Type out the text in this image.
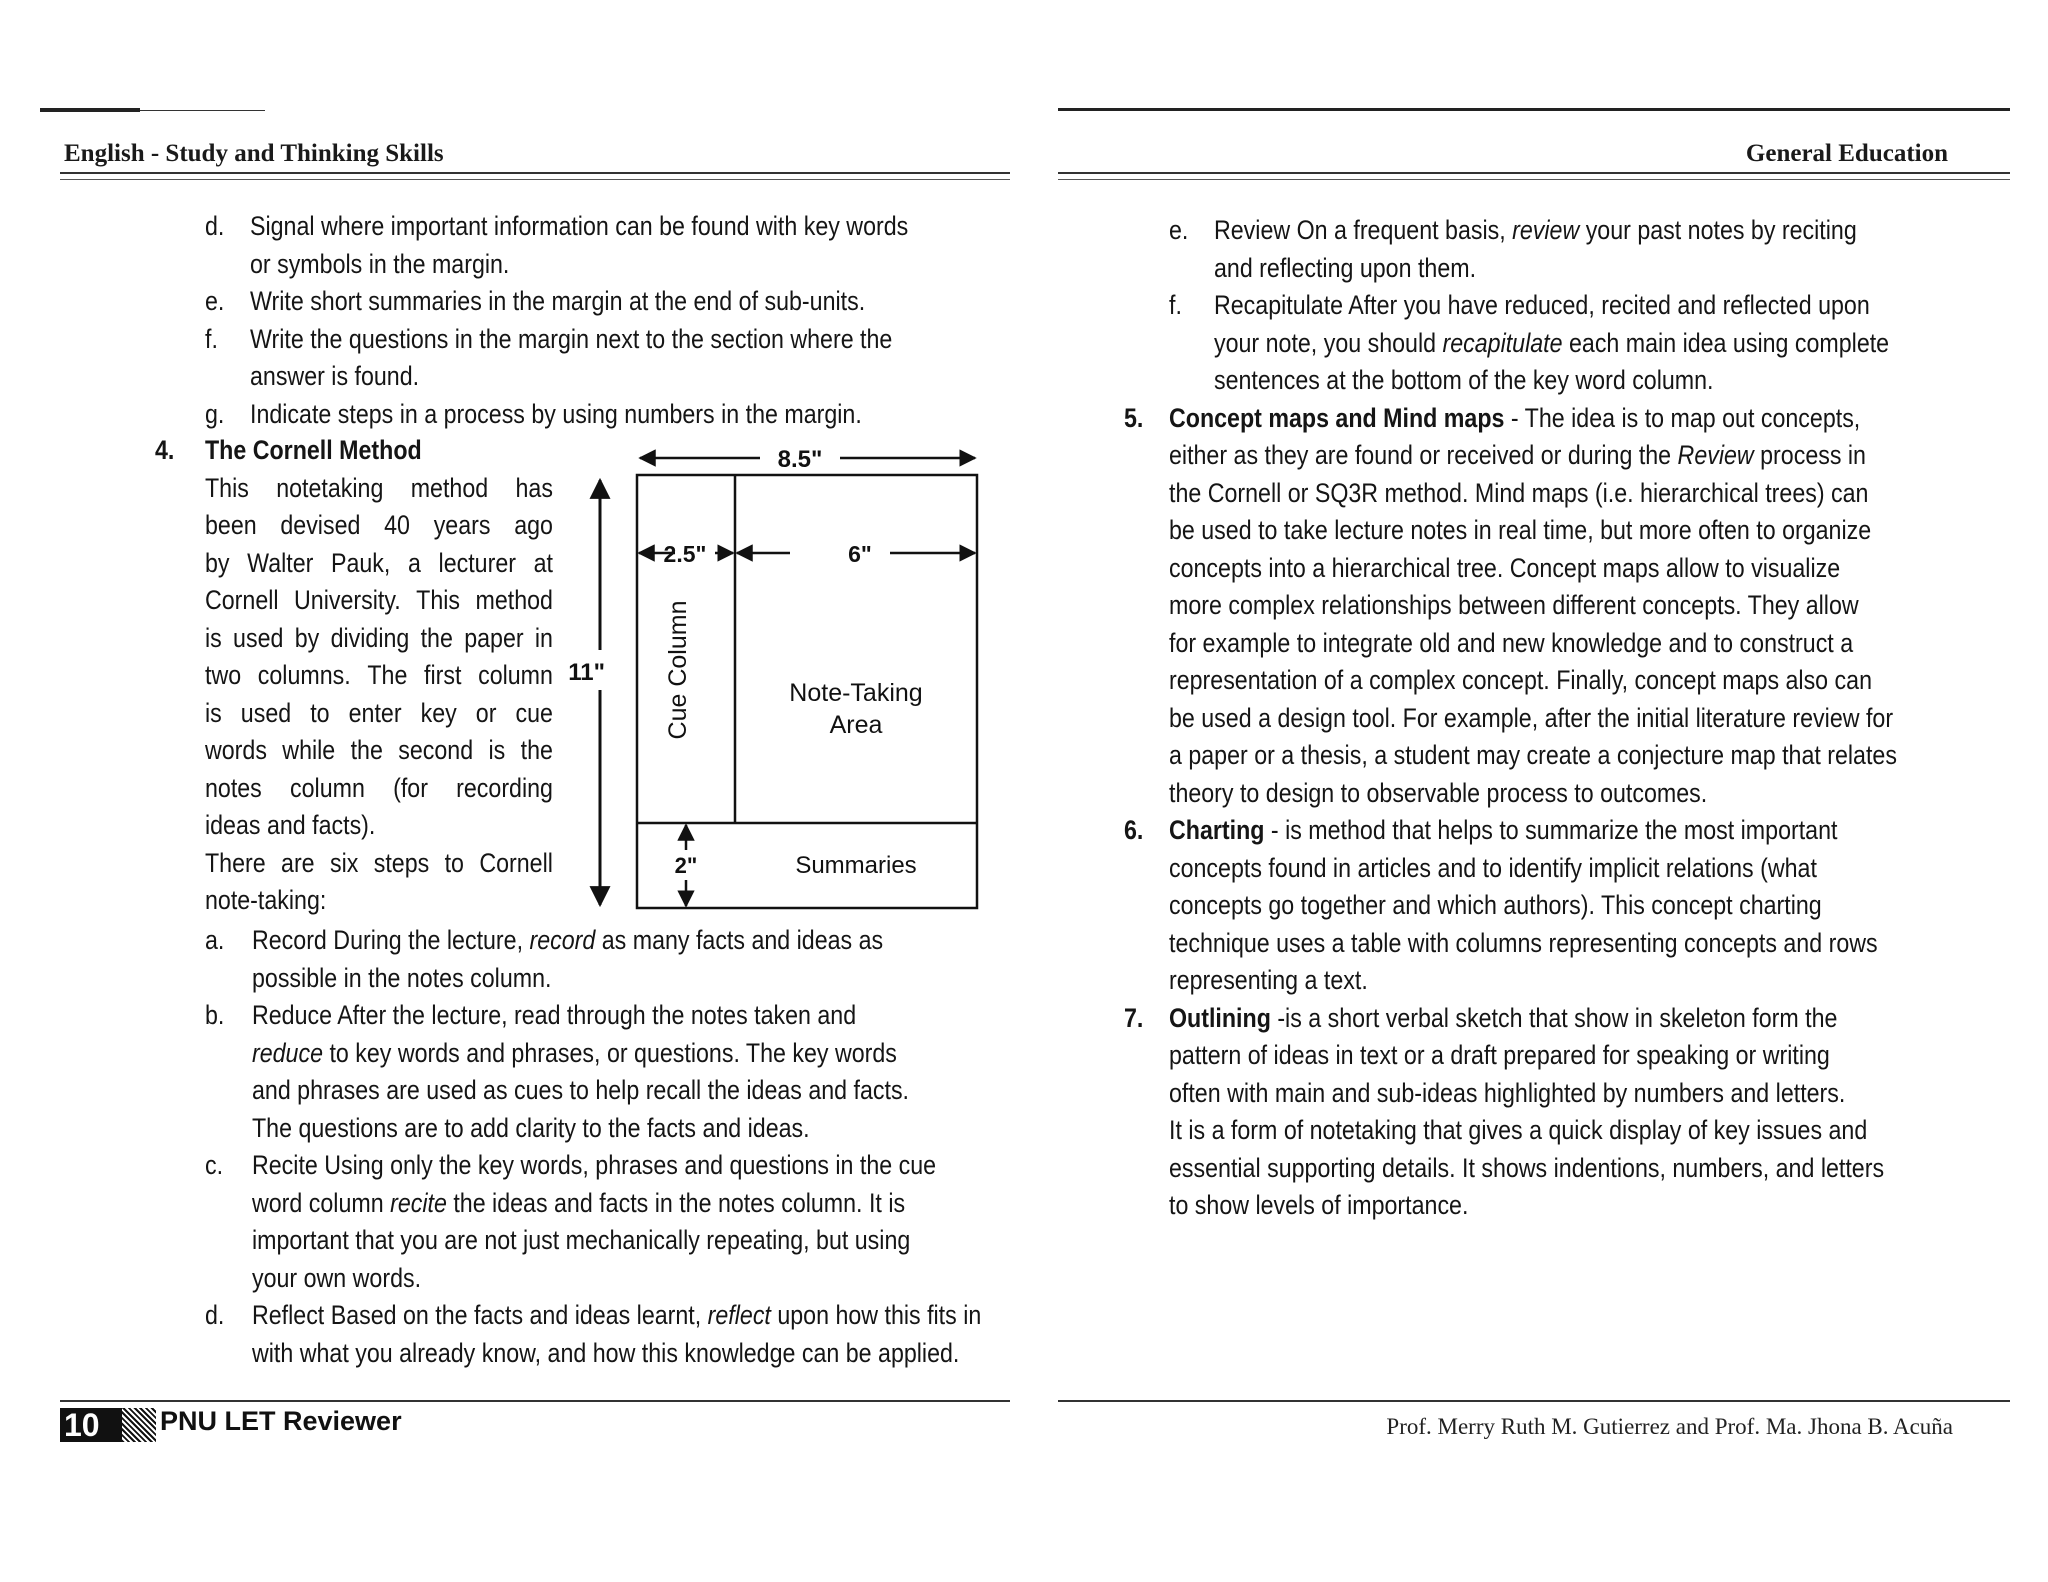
English - Study and Thinking Skills
d. Signal where important information can be found with key words
or symbols in the margin.
e. Write short summaries in the margin at the end of sub-units.
f. Write the questions in the margin next to the section where the
answer is found.
g. Indicate steps in a process by using numbers in the margin.
4. The Cornell Method
This notetaking method has
been devised 40 years ago
by Walter Pauk, a lecturer at
Cornell University. This method
is used by dividing the paper in
two columns. The first column
is used to enter key or cue
words while the second is the
notes column (for recording
ideas and facts).
There are six steps to Cornell
note-taking:
a. Record During the lecture, record as many facts and ideas as
possible in the notes column.
b. Reduce After the lecture, read through the notes taken and
reduce to key words and phrases, or questions. The key words
and phrases are used as cues to help recall the ideas and facts.
The questions are to add clarity to the facts and ideas.
c. Recite Using only the key words, phrases and questions in the cue
word column recite the ideas and facts in the notes column. It is
important that you are not just mechanically repeating, but using
your own words.
d. Reflect Based on the facts and ideas learnt, reflect upon how this fits in
with what you already know, and how this knowledge can be applied.
8.5"
11"
2.5"	6"
Cue Column	Note-Taking
Area
2"	Summaries
10	PNU LET Reviewer
General Education
e. Review On a frequent basis, review your past notes by reciting
and reflecting upon them.
f. Recapitulate After you have reduced, recited and reflected upon
your note, you should recapitulate each main idea using complete
sentences at the bottom of the key word column.
5. Concept maps and Mind maps - The idea is to map out concepts,
either as they are found or received or during the Review process in
the Cornell or SQ3R method. Mind maps (i.e. hierarchical trees) can
be used to take lecture notes in real time, but more often to organize
concepts into a hierarchical tree. Concept maps allow to visualize
more complex relationships between different concepts. They allow
for example to integrate old and new knowledge and to construct a
representation of a complex concept. Finally, concept maps also can
be used a design tool. For example, after the initial literature review for
a paper or a thesis, a student may create a conjecture map that relates
theory to design to observable process to outcomes.
6. Charting - is method that helps to summarize the most important
concepts found in articles and to identify implicit relations (what
concepts go together and which authors). This concept charting
technique uses a table with columns representing concepts and rows
representing a text.
7. Outlining -is a short verbal sketch that show in skeleton form the
pattern of ideas in text or a draft prepared for speaking or writing
often with main and sub-ideas highlighted by numbers and letters.
It is a form of notetaking that gives a quick display of key issues and
essential supporting details. It shows indentions, numbers, and letters
to show levels of importance.
Prof. Merry Ruth M. Gutierrez and Prof. Ma. Jhona B. Acuña
